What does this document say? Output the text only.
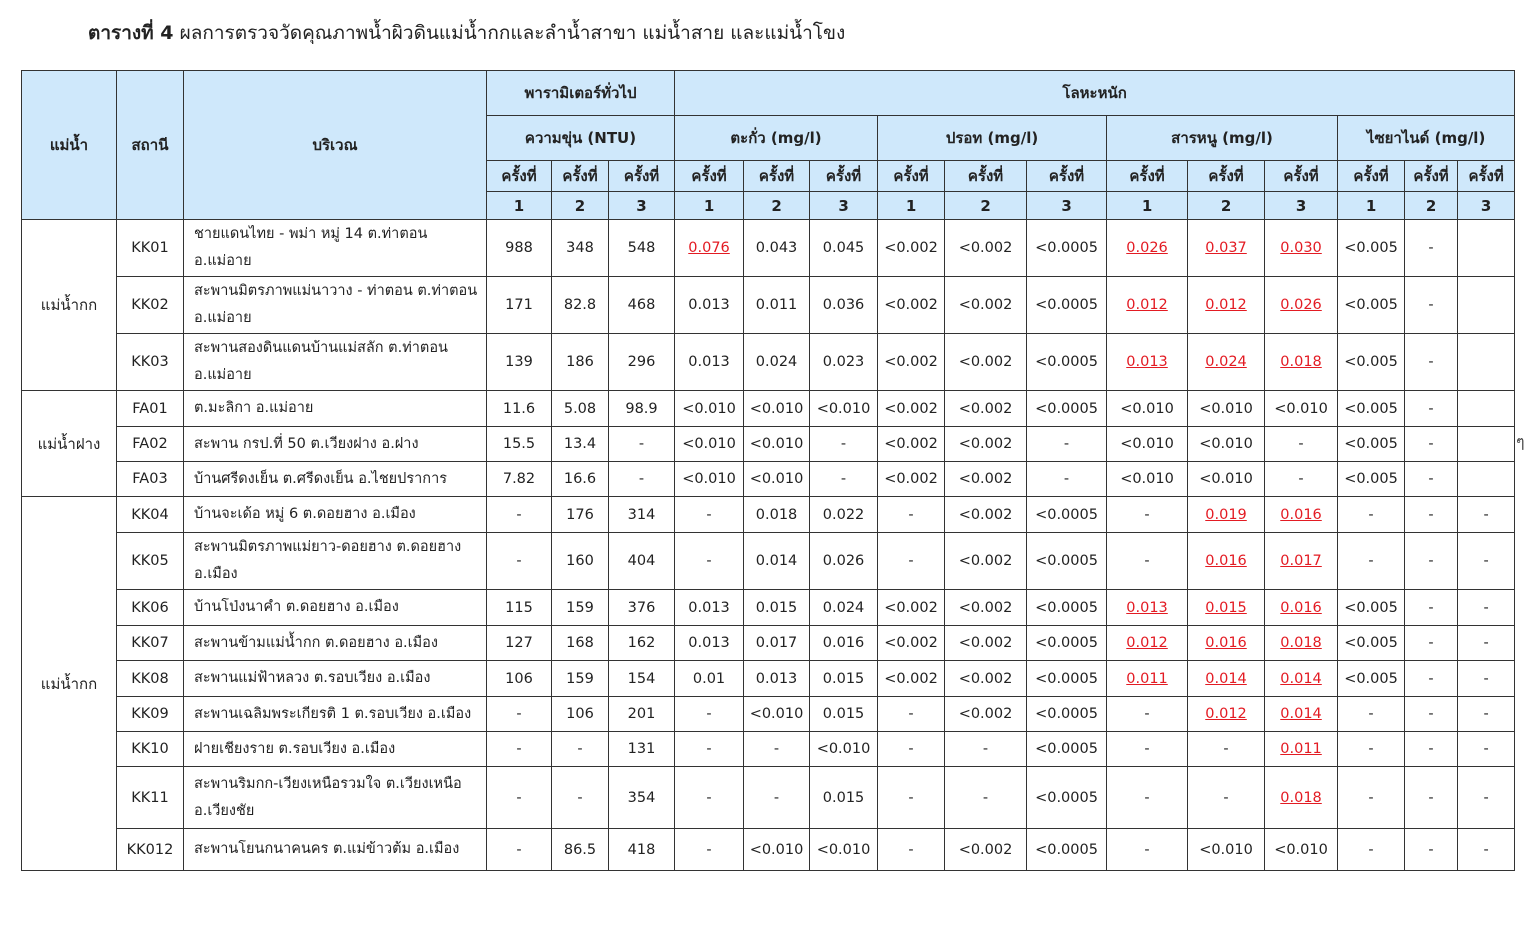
ตารางที่ 4 ผลการตรวจวัดคุณภาพน้ำผิวดินแม่น้ำกกและลำน้ำสาขา แม่น้ำสาย และแม่น้ำโขง
แม่น้ำ	สถานี	บริเวณ	พารามิเตอร์ทั่วไป			โลหะหนัก											
			ความขุ่น (NTU)			ตะกั่ว (mg/l)			ปรอท (mg/l)			สารหนู (mg/l)			ไซยาไนด์ (mg/l)		
			ครั้งที่	ครั้งที่	ครั้งที่	ครั้งที่	ครั้งที่	ครั้งที่	ครั้งที่	ครั้งที่	ครั้งที่	ครั้งที่	ครั้งที่	ครั้งที่	ครั้งที่	ครั้งที่	ครั้งที่
			1	2	3	1	2	3	1	2	3	1	2	3	1	2	3
แม่น้ำกก	KK01	ชายแดนไทย - พม่า หมู่ 14 ต.ท่าตอน อ.แม่อาย	988	348	548	0.076	0.043	0.045	<0.002	<0.002	<0.0005	0.026	0.037	0.030	<0.005	-	
	KK02	สะพานมิตรภาพแม่นาวาง - ท่าตอน ต.ท่าตอน อ.แม่อาย	171	82.8	468	0.013	0.011	0.036	<0.002	<0.002	<0.0005	0.012	0.012	0.026	<0.005	-	
	KK03	สะพานสองดินแดนบ้านแม่สลัก ต.ท่าตอน อ.แม่อาย	139	186	296	0.013	0.024	0.023	<0.002	<0.002	<0.0005	0.013	0.024	0.018	<0.005	-	
แม่น้ำฝาง	FA01	ต.มะลิกา อ.แม่อาย	11.6	5.08	98.9	<0.010	<0.010	<0.010	<0.002	<0.002	<0.0005	<0.010	<0.010	<0.010	<0.005	-	
	FA02	สะพาน กรป.ที่ 50 ต.เวียงฝาง อ.ฝาง	15.5	13.4	-	<0.010	<0.010	-	<0.002	<0.002	-	<0.010	<0.010	-	<0.005	-	
	FA03	บ้านศรีดงเย็น ต.ศรีดงเย็น อ.ไชยปราการ	7.82	16.6	-	<0.010	<0.010	-	<0.002	<0.002	-	<0.010	<0.010	-	<0.005	-	
แม่น้ำกก	KK04	บ้านจะเด้อ หมู่ 6 ต.ดอยฮาง อ.เมือง	-	176	314	-	0.018	0.022	-	<0.002	<0.0005	-	0.019	0.016	-	-	-
	KK05	สะพานมิตรภาพแม่ยาว-ดอยฮาง ต.ดอยฮาง อ.เมือง	-	160	404	-	0.014	0.026	-	<0.002	<0.0005	-	0.016	0.017	-	-	-
	KK06	บ้านโป่งนาคำ ต.ดอยฮาง อ.เมือง	115	159	376	0.013	0.015	0.024	<0.002	<0.002	<0.0005	0.013	0.015	0.016	<0.005	-	-
	KK07	สะพานข้ามแม่น้ำกก ต.ดอยฮาง อ.เมือง	127	168	162	0.013	0.017	0.016	<0.002	<0.002	<0.0005	0.012	0.016	0.018	<0.005	-	-
	KK08	สะพานแม่ฟ้าหลวง ต.รอบเวียง อ.เมือง	106	159	154	0.01	0.013	0.015	<0.002	<0.002	<0.0005	0.011	0.014	0.014	<0.005	-	-
	KK09	สะพานเฉลิมพระเกียรติ 1 ต.รอบเวียง อ.เมือง	-	106	201	-	<0.010	0.015	-	<0.002	<0.0005	-	0.012	0.014	-	-	-
	KK10	ฝายเชียงราย ต.รอบเวียง อ.เมือง	-	-	131	-	-	<0.010	-	-	<0.0005	-	-	0.011	-	-	-
	KK11	สะพานริมกก-เวียงเหนือรวมใจ ต.เวียงเหนือ อ.เวียงชัย	-	-	354	-	-	0.015	-	-	<0.0005	-	-	0.018	-	-	-
	KK012	สะพานโยนกนาคนคร ต.แม่ข้าวต้ม อ.เมือง	-	86.5	418	-	<0.010	<0.010	-	<0.002	<0.0005	-	<0.010	<0.010	-	-	-
ๆ
